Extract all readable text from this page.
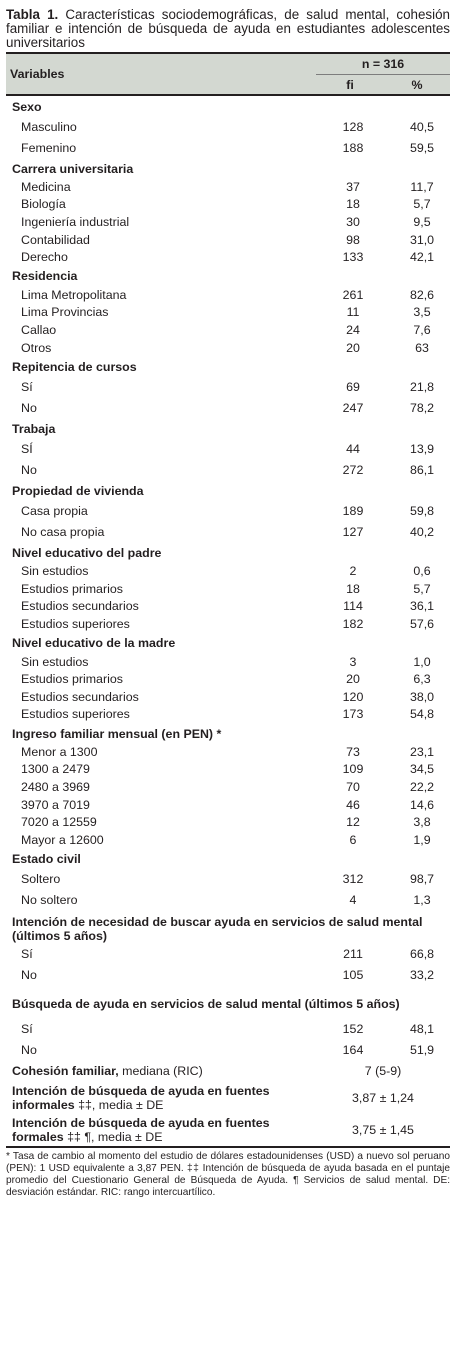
Tabla 1. Características sociodemográficas, de salud mental, cohesión familiar e intención de búsqueda de ayuda en estudiantes adolescentes universitarios
Variables	n = 316	
	fi	%
Sexo		
Masculino	128	40,5
Femenino	188	59,5
Carrera universitaria		
Medicina	37	11,7
Biología	18	5,7
Ingeniería industrial	30	9,5
Contabilidad	98	31,0
Derecho	133	42,1
Residencia		
Lima Metropolitana	261	82,6
Lima Provincias	11	3,5
Callao	24	7,6
Otros	20	63
Repitencia de cursos		
Sí	69	21,8
No	247	78,2
Trabaja		
SÍ	44	13,9
No	272	86,1
Propiedad de vivienda		
Casa propia	189	59,8
No casa propia	127	40,2
Nivel educativo del padre		
Sin estudios	2	0,6
Estudios primarios	18	5,7
Estudios secundarios	114	36,1
Estudios superiores	182	57,6
Nivel educativo de la madre		
Sin estudios	3	1,0
Estudios primarios	20	6,3
Estudios secundarios	120	38,0
Estudios superiores	173	54,8
Ingreso familiar mensual (en PEN) *		
Menor a 1300	73	23,1
1300 a 2479	109	34,5
2480 a 3969	70	22,2
3970 a 7019	46	14,6
7020 a 12559	12	3,8
Mayor a 12600	6	1,9
Estado civil		
Soltero	312	98,7
No soltero	4	1,3
Intención de necesidad de buscar ayuda en servicios de salud mental (últimos 5 años)		
Sí	211	66,8
No	105	33,2
Búsqueda de ayuda en servicios de salud mental (últimos 5 años)		
Sí	152	48,1
No	164	51,9
Cohesión familiar, mediana (RIC)	7 (5-9)	
Intención de búsqueda de ayuda en fuentes informales ‡‡, media ± DE	3,87 ± 1,24	
Intención de búsqueda de ayuda en fuentes formales ‡‡ ¶, media ± DE	3,75 ± 1,45	

* Tasa de cambio al momento del estudio de dólares estadounidenses (USD) a nuevo sol peruano (PEN): 1 USD equivalente a 3,87 PEN. ‡‡ Intención de búsqueda de ayuda basada en el puntaje promedio del Cuestionario General de Búsqueda de Ayuda. ¶ Servicios de salud mental. DE: desviación estándar. RIC: rango intercuartílico.
